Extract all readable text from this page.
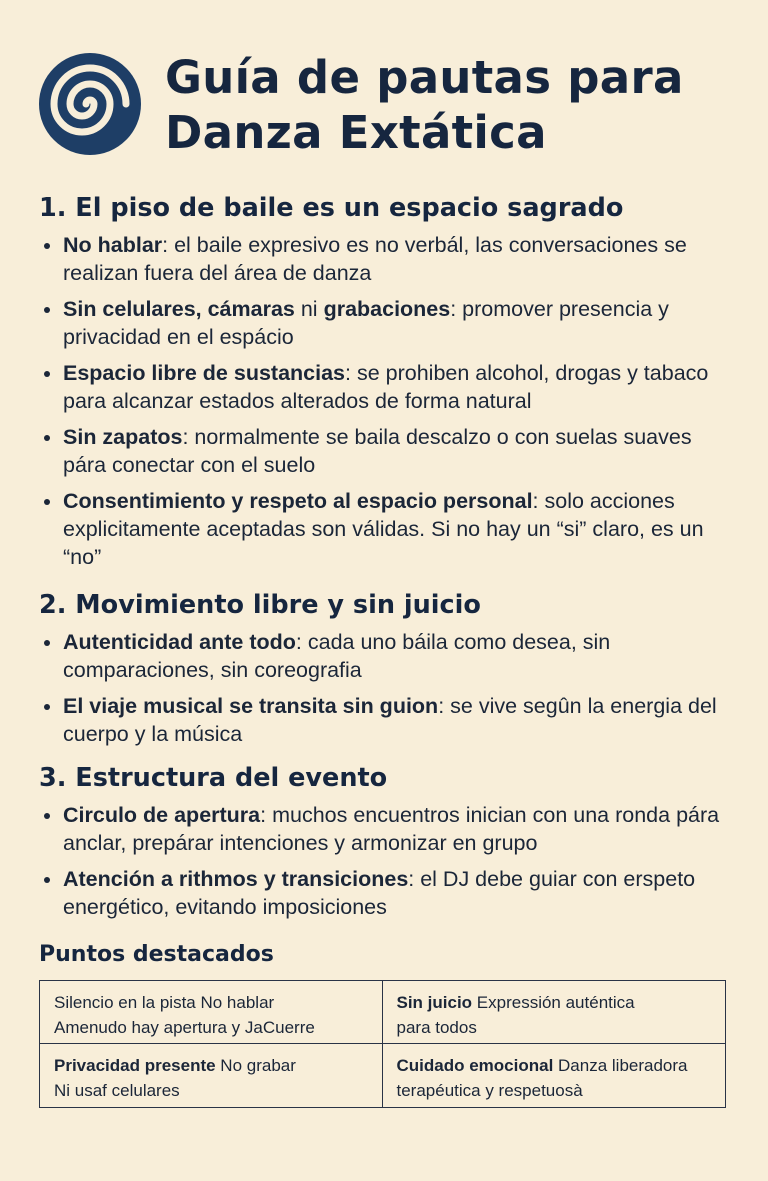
Guía de pautas para
Danza Extática
1. El piso de baile es un espacio sagrado
No hablar: el baile expresivo es no verbál, las conversaciones se realizan fuera del área de danza
Sin celulares, cámaras ni grabaciones: promover presencia y privacidad en el espácio
Espacio libre de sustancias: se prohiben alcohol, drogas y tabaco para alcanzar estados alterados de forma natural
Sin zapatos: normalmente se baila descalzo o con suelas suaves pára conectar con el suelo
Consentimiento y respeto al espacio personal: solo acciones explicitamente aceptadas son válidas. Si no hay un “si” claro, es un “no”
2. Movimiento libre y sin juicio
Autenticidad ante todo: cada uno báila como desea, sin comparaciones, sin coreografia
El viaje musical se transita sin guion: se vive segûn la energia del cuerpo y la música
3. Estructura del evento
Circulo de apertura: muchos encuentros inician con una ronda pára anclar, prepárar intenciones y armonizar en grupo
Atención a rithmos y transiciones: el DJ debe guiar con erspeto energético, evitando imposiciones
Puntos destacados
Silencio en la pista No hablar
Amenudo hay apertura y JaCuerre
Sin juicio Expressión auténtica
para todos
Privacidad presente No grabar
Ni usaf celulares
Cuidado emocional Danza liberadora
terapéutica y respetuosà
